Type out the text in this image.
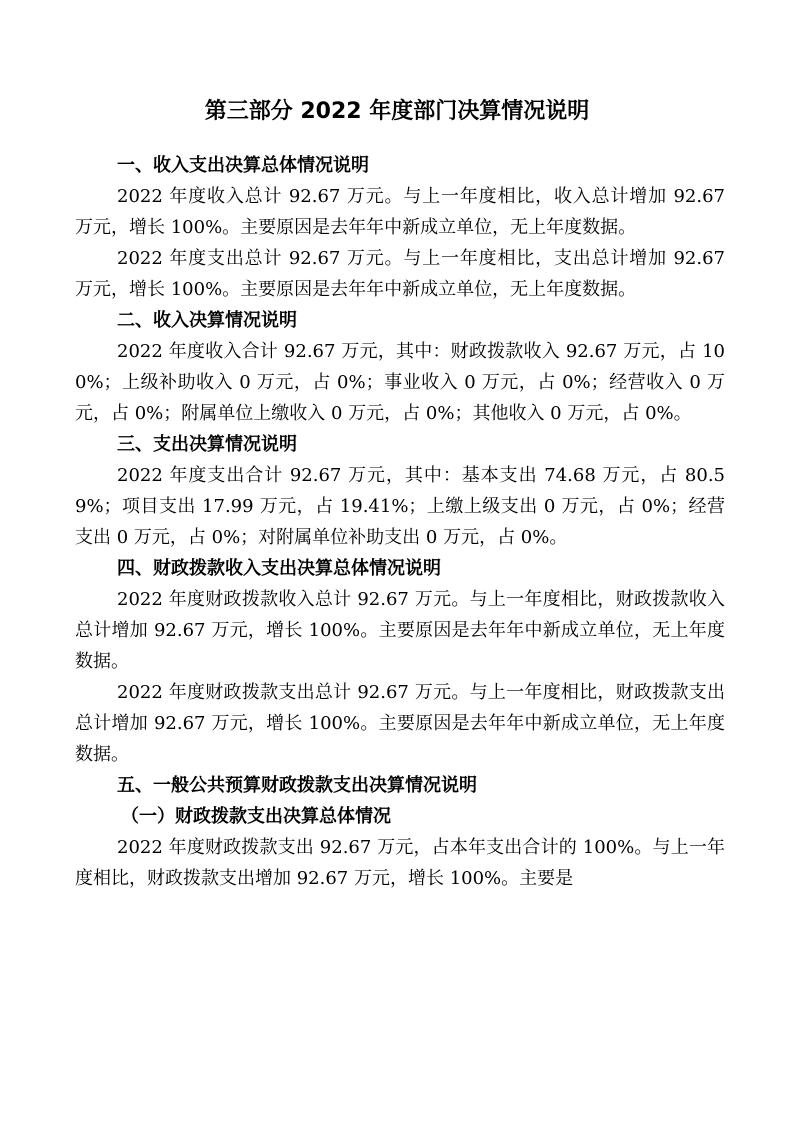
第三部分 2022 年度部门决算情况说明
一、收入支出决算总体情况说明

2022 年度收入总计 92.67 万元。与上一年度相比，收入总计增加 92.67 万元，增长 100%。主要原因是去年年中新成立单位，无上年度数据。

2022 年度支出总计 92.67 万元。与上一年度相比，支出总计增加 92.67 万元，增长 100%。主要原因是去年年中新成立单位，无上年度数据。

二、收入决算情况说明

2022 年度收入合计 92.67 万元，其中：财政拨款收入 92.67 万元，占 100%；上级补助收入 0 万元，占 0%；事业收入 0 万元，占 0%；经营收入 0 万元，占 0%；附属单位上缴收入 0 万元，占 0%；其他收入 0 万元，占 0%。

三、支出决算情况说明

2022 年度支出合计 92.67 万元，其中：基本支出 74.68 万元，占 80.59%；项目支出 17.99 万元，占 19.41%；上缴上级支出 0 万元，占 0%；经营支出 0 万元，占 0%；对附属单位补助支出 0 万元，占 0%。

四、财政拨款收入支出决算总体情况说明

2022 年度财政拨款收入总计 92.67 万元。与上一年度相比，财政拨款收入总计增加 92.67 万元，增长 100%。主要原因是去年年中新成立单位，无上年度数据。

2022 年度财政拨款支出总计 92.67 万元。与上一年度相比，财政拨款支出总计增加 92.67 万元，增长 100%。主要原因是去年年中新成立单位，无上年度数据。

五、一般公共预算财政拨款支出决算情况说明
（一）财政拨款支出决算总体情况

2022 年度财政拨款支出 92.67 万元，占本年支出合计的 100%。与上一年度相比，财政拨款支出增加 92.67 万元，增长 100%。主要是
